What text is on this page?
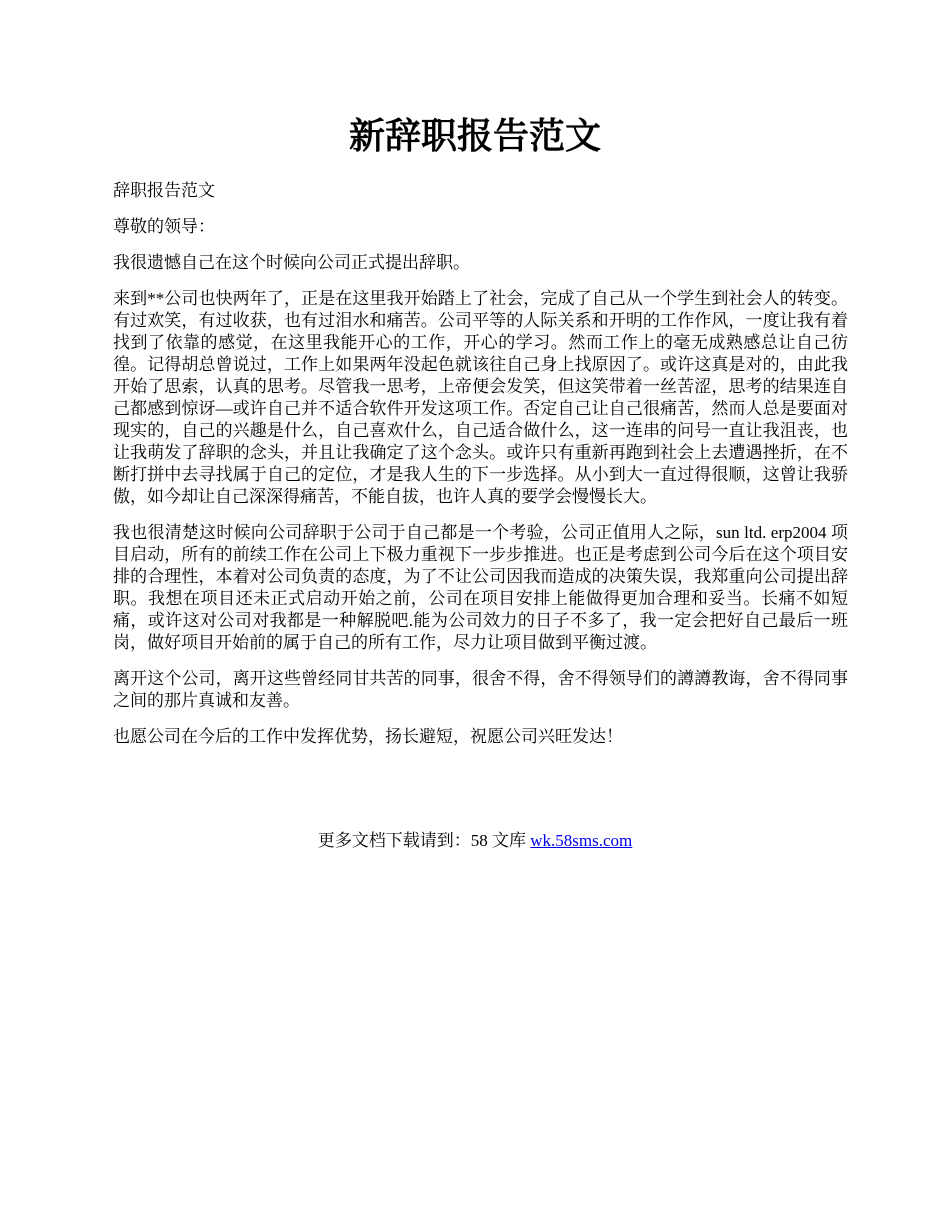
新辞职报告范文

辞职报告范文

尊敬的领导：

我很遗憾自己在这个时候向公司正式提出辞职。

来到**公司也快两年了，正是在这里我开始踏上了社会，完成了自己从一个学生到社会人的转变。有过欢笑，有过收获，也有过泪水和痛苦。公司平等的人际关系和开明的工作作风，一度让我有着找到了依靠的感觉，在这里我能开心的工作，开心的学习。然而工作上的毫无成熟感总让自己彷徨。记得胡总曾说过，工作上如果两年没起色就该往自己身上找原因了。或许这真是对的，由此我开始了思索，认真的思考。尽管我一思考，上帝便会发笑，但这笑带着一丝苦涩，思考的结果连自己都感到惊讶—或许自己并不适合软件开发这项工作。否定自己让自己很痛苦，然而人总是要面对现实的，自己的兴趣是什么，自己喜欢什么，自己适合做什么，这一连串的问号一直让我沮丧，也让我萌发了辞职的念头，并且让我确定了这个念头。或许只有重新再跑到社会上去遭遇挫折，在不断打拼中去寻找属于自己的定位，才是我人生的下一步选择。从小到大一直过得很顺，这曾让我骄傲，如今却让自己深深得痛苦，不能自拔，也许人真的要学会慢慢长大。

我也很清楚这时候向公司辞职于公司于自己都是一个考验，公司正值用人之际，sun ltd. erp2004 项目启动，所有的前续工作在公司上下极力重视下一步步推进。也正是考虑到公司今后在这个项目安排的合理性，本着对公司负责的态度，为了不让公司因我而造成的决策失误，我郑重向公司提出辞职。我想在项目还未正式启动开始之前，公司在项目安排上能做得更加合理和妥当。长痛不如短痛，或许这对公司对我都是一种解脱吧.能为公司效力的日子不多了，我一定会把好自己最后一班岗，做好项目开始前的属于自己的所有工作，尽力让项目做到平衡过渡。

离开这个公司，离开这些曾经同甘共苦的同事，很舍不得，舍不得领导们的譐譐教诲，舍不得同事之间的那片真诚和友善。

也愿公司在今后的工作中发挥优势，扬长避短，祝愿公司兴旺发达！

更多文档下载请到：58 文库 wk.58sms.com
